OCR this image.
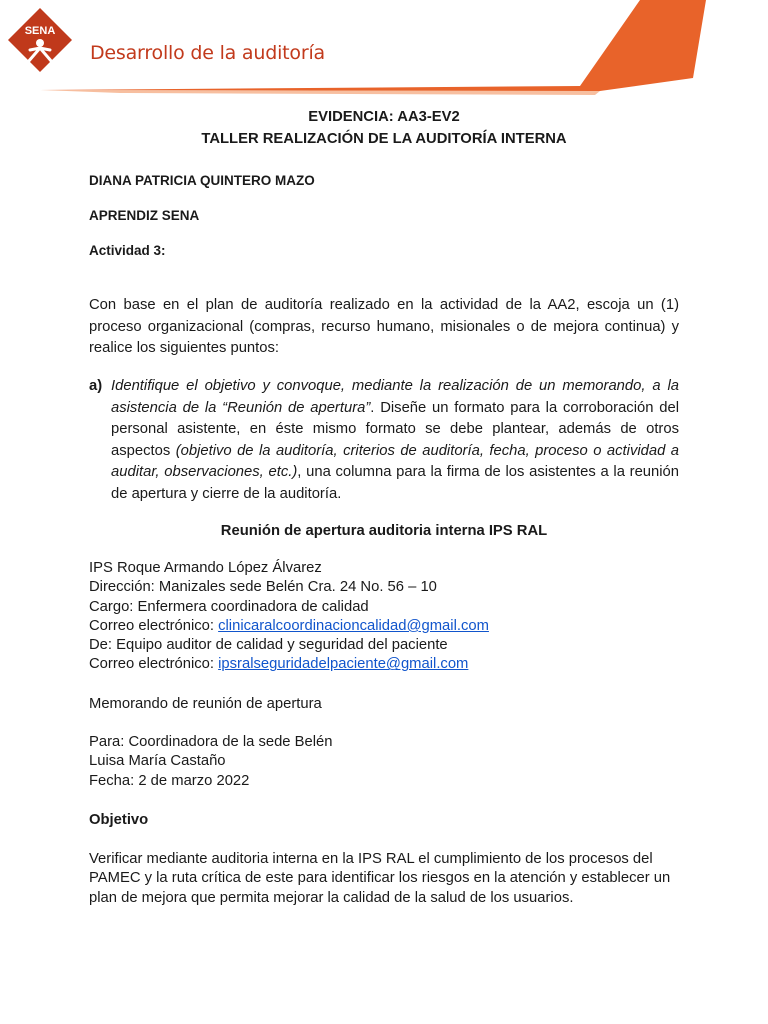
Desarrollo de la auditoría
SENA

EVIDENCIA: AA3-EV2

TALLER REALIZACIÓN DE LA AUDITORÍA INTERNA

DIANA PATRICIA QUINTERO MAZO

APRENDIZ SENA

Actividad 3:

Con base en el plan de auditoría realizado en la actividad de la AA2, escoja un (1) proceso organizacional (compras, recurso humano, misionales o de mejora continua) y realice los siguientes puntos:

a) Identifique el objetivo y convoque, mediante la realización de un memorando, a la asistencia de la “Reunión de apertura”. Diseñe un formato para la corroboración del personal asistente, en éste mismo formato se debe plantear, además de otros aspectos (objetivo de la auditoría, criterios de auditoría, fecha, proceso o actividad a auditar, observaciones, etc.), una columna para la firma de los asistentes a la reunión de apertura y cierre de la auditoría.

Reunión de apertura auditoria interna IPS RAL

IPS Roque Armando López Álvarez
Dirección: Manizales sede Belén Cra. 24 No. 56 – 10
Cargo: Enfermera coordinadora de calidad
Correo electrónico: clinicaralcoordinacioncalidad@gmail.com
De: Equipo auditor de calidad y seguridad del paciente
Correo electrónico: ipsralseguridadelpaciente@gmail.com

Memorando de reunión de apertura

Para: Coordinadora de la sede Belén
Luisa María Castaño
Fecha: 2 de marzo 2022

Objetivo

Verificar mediante auditoria interna en la IPS RAL el cumplimiento de los procesos del PAMEC y la ruta crítica de este para identificar los riesgos en la atención y establecer un plan de mejora que permita mejorar la calidad de la salud de los usuarios.
